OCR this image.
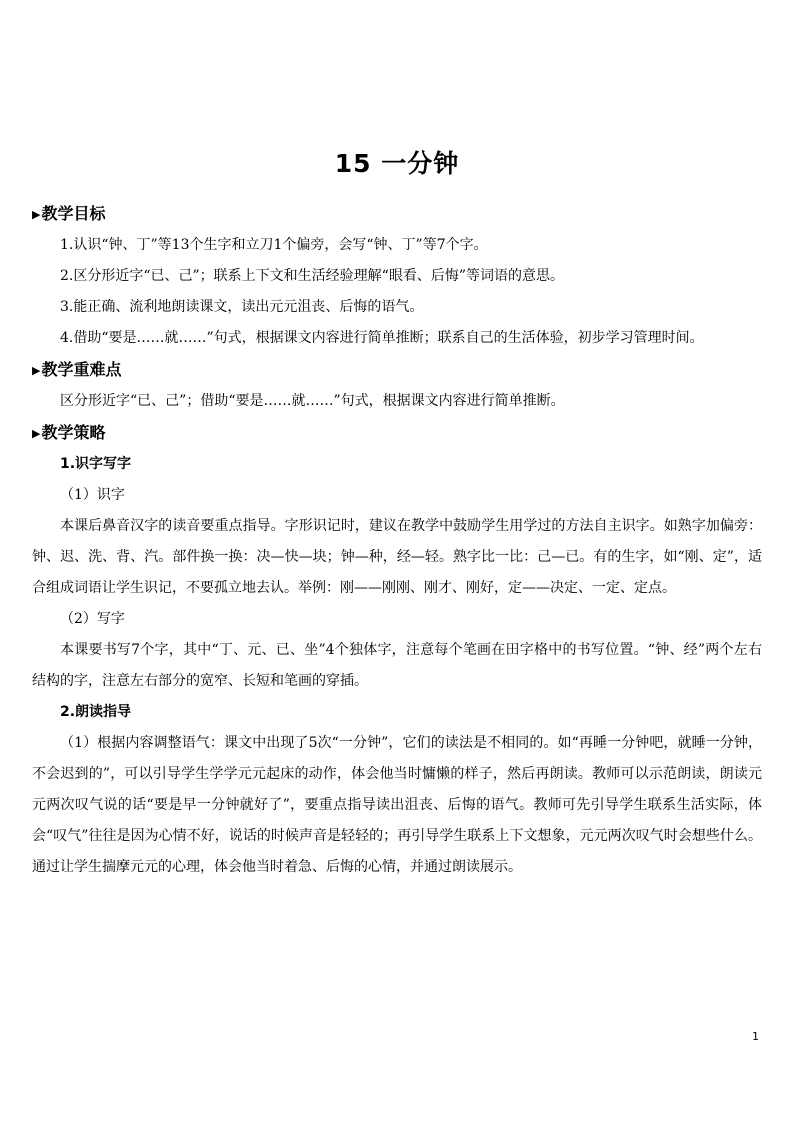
15 一分钟
▶教学目标

1.认识“钟、丁”等13个生字和立刀1个偏旁，会写“钟、丁”等7个字。

2.区分形近字“已、己”；联系上下文和生活经验理解“眼看、后悔”等词语的意思。

3.能正确、流利地朗读课文，读出元元沮丧、后悔的语气。

4.借助“要是……就……”句式，根据课文内容进行简单推断；联系自己的生活体验，初步学习管理时间。

▶教学重难点

区分形近字“已、己”；借助“要是……就……”句式，根据课文内容进行简单推断。

▶教学策略

1.识字写字

（1）识字

本课后鼻音汉字的读音要重点指导。字形识记时，建议在教学中鼓励学生用学过的方法自主识字。如熟字加偏旁：钟、迟、洗、背、汽。部件换一换：决—快—块；钟—种，经—轻。熟字比一比：己—已。有的生字，如“刚、定”，适合组成词语让学生识记，不要孤立地去认。举例：刚——刚刚、刚才、刚好，定——决定、一定、定点。

（2）写字

本课要书写7个字，其中“丁、元、已、坐”4个独体字，注意每个笔画在田字格中的书写位置。“钟、经”两个左右结构的字，注意左右部分的宽窄、长短和笔画的穿插。

2.朗读指导

（1）根据内容调整语气：课文中出现了5次“一分钟”，它们的读法是不相同的。如“再睡一分钟吧，就睡一分钟，不会迟到的”，可以引导学生学学元元起床的动作，体会他当时慵懒的样子，然后再朗读。教师可以示范朗读，朗读元元两次叹气说的话“要是早一分钟就好了”，要重点指导读出沮丧、后悔的语气。教师可先引导学生联系生活实际，体会“叹气”往往是因为心情不好，说话的时候声音是轻轻的；再引导学生联系上下文想象，元元两次叹气时会想些什么。通过让学生揣摩元元的心理，体会他当时着急、后悔的心情，并通过朗读展示。

1
